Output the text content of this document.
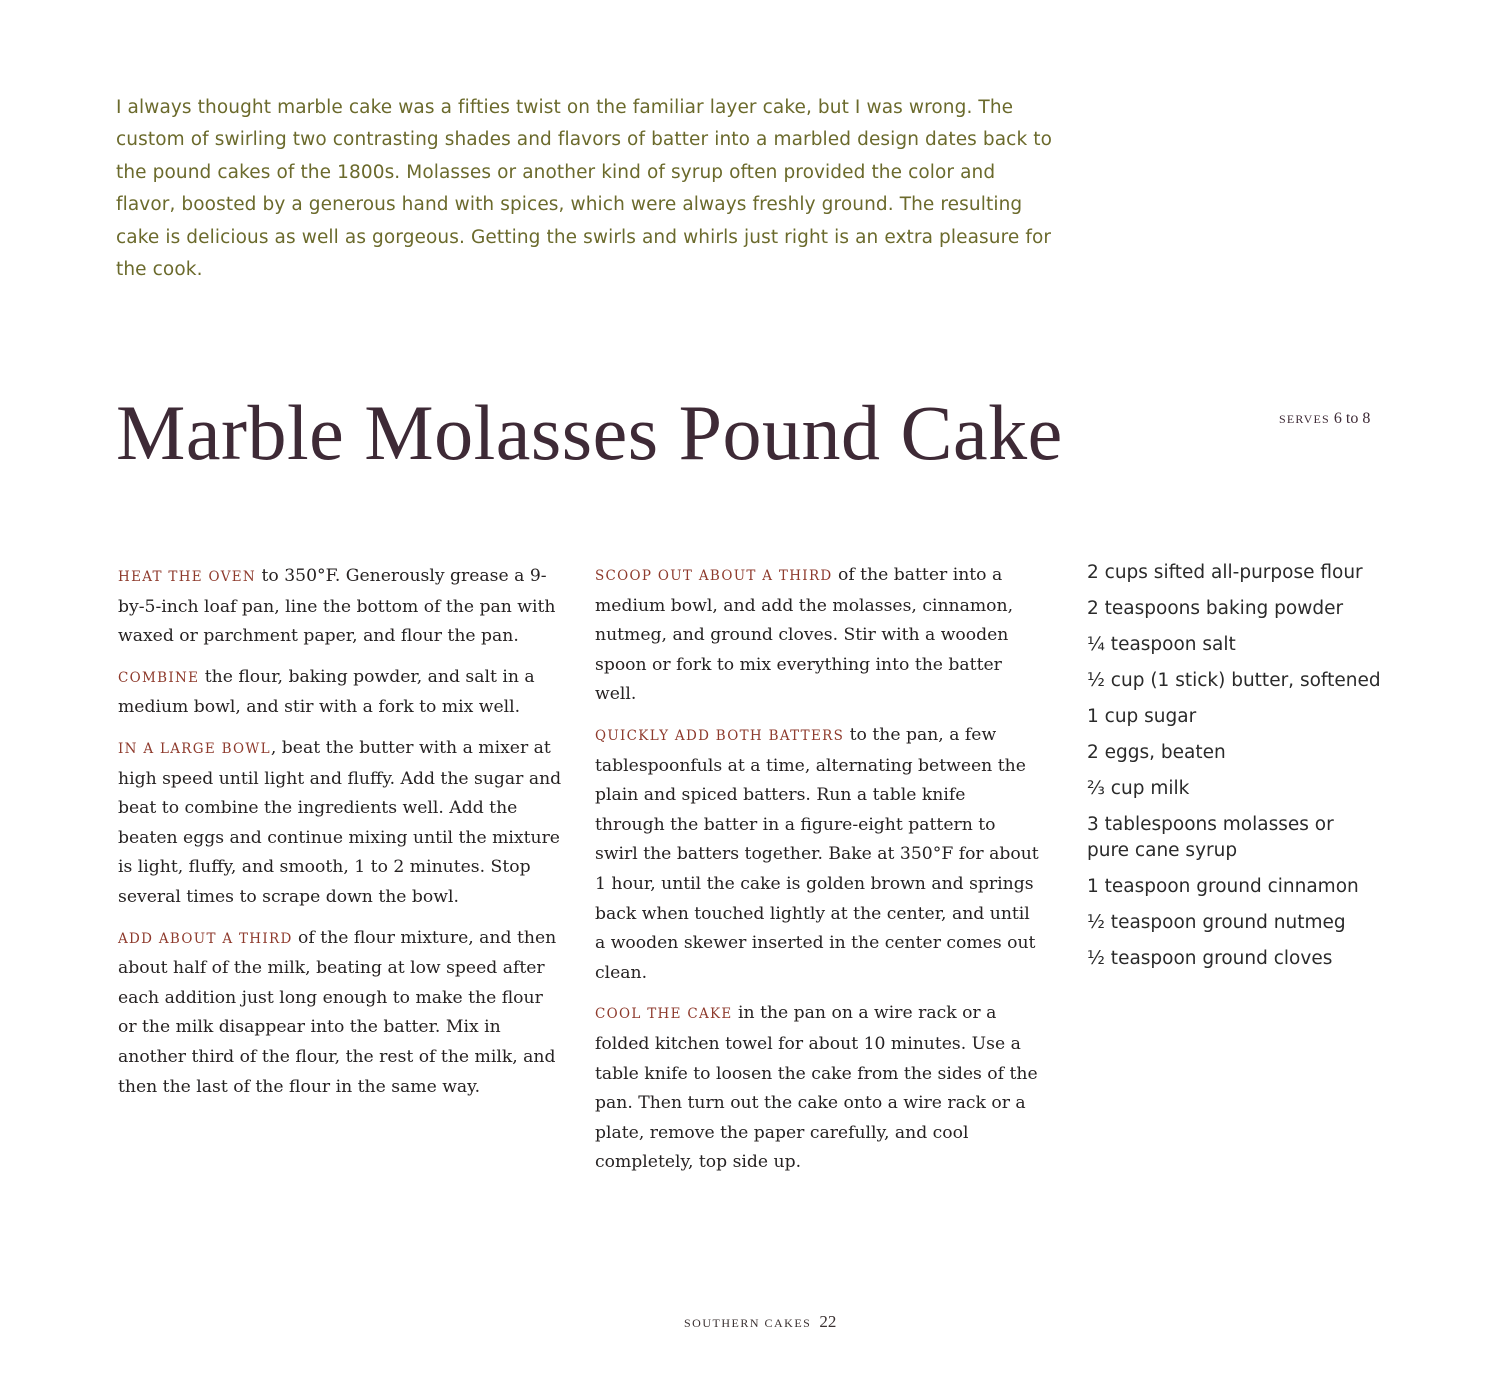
I always thought marble cake was a fifties twist on the familiar layer cake, but I was wrong. The custom of swirling two contrasting shades and flavors of batter into a marbled design dates back to the pound cakes of the 1800s. Molasses or another kind of syrup often provided the color and flavor, boosted by a generous hand with spices, which were always freshly ground. The resulting cake is delicious as well as gorgeous. Getting the swirls and whirls just right is an extra pleasure for the cook.

Marble Molasses Pound Cake	SERVES 6 to 8

HEAT THE OVEN to 350°F. Generously grease a 9-by-5-inch loaf pan, line the bottom of the pan with waxed or parchment paper, and flour the pan.

COMBINE the flour, baking powder, and salt in a medium bowl, and stir with a fork to mix well.

IN A LARGE BOWL, beat the butter with a mixer at high speed until light and fluffy. Add the sugar and beat to combine the ingredients well. Add the beaten eggs and continue mixing until the mixture is light, fluffy, and smooth, 1 to 2 minutes. Stop several times to scrape down the bowl.

ADD ABOUT A THIRD of the flour mixture, and then about half of the milk, beating at low speed after each addition just long enough to make the flour or the milk disappear into the batter. Mix in another third of the flour, the rest of the milk, and then the last of the flour in the same way.

SCOOP OUT ABOUT A THIRD of the batter into a medium bowl, and add the molasses, cinnamon, nutmeg, and ground cloves. Stir with a wooden spoon or fork to mix everything into the batter well.

QUICKLY ADD BOTH BATTERS to the pan, a few tablespoonfuls at a time, alternating between the plain and spiced batters. Run a table knife through the batter in a figure-eight pattern to swirl the batters together. Bake at 350°F for about 1 hour, until the cake is golden brown and springs back when touched lightly at the center, and until a wooden skewer inserted in the center comes out clean.

COOL THE CAKE in the pan on a wire rack or a folded kitchen towel for about 10 minutes. Use a table knife to loosen the cake from the sides of the pan. Then turn out the cake onto a wire rack or a plate, remove the paper carefully, and cool completely, top side up.

2 cups sifted all-purpose flour
2 teaspoons baking powder
¼ teaspoon salt
½ cup (1 stick) butter, softened
1 cup sugar
2 eggs, beaten
⅔ cup milk
3 tablespoons molasses or pure cane syrup
1 teaspoon ground cinnamon
½ teaspoon ground nutmeg
½ teaspoon ground cloves
SOUTHERN CAKES 22
